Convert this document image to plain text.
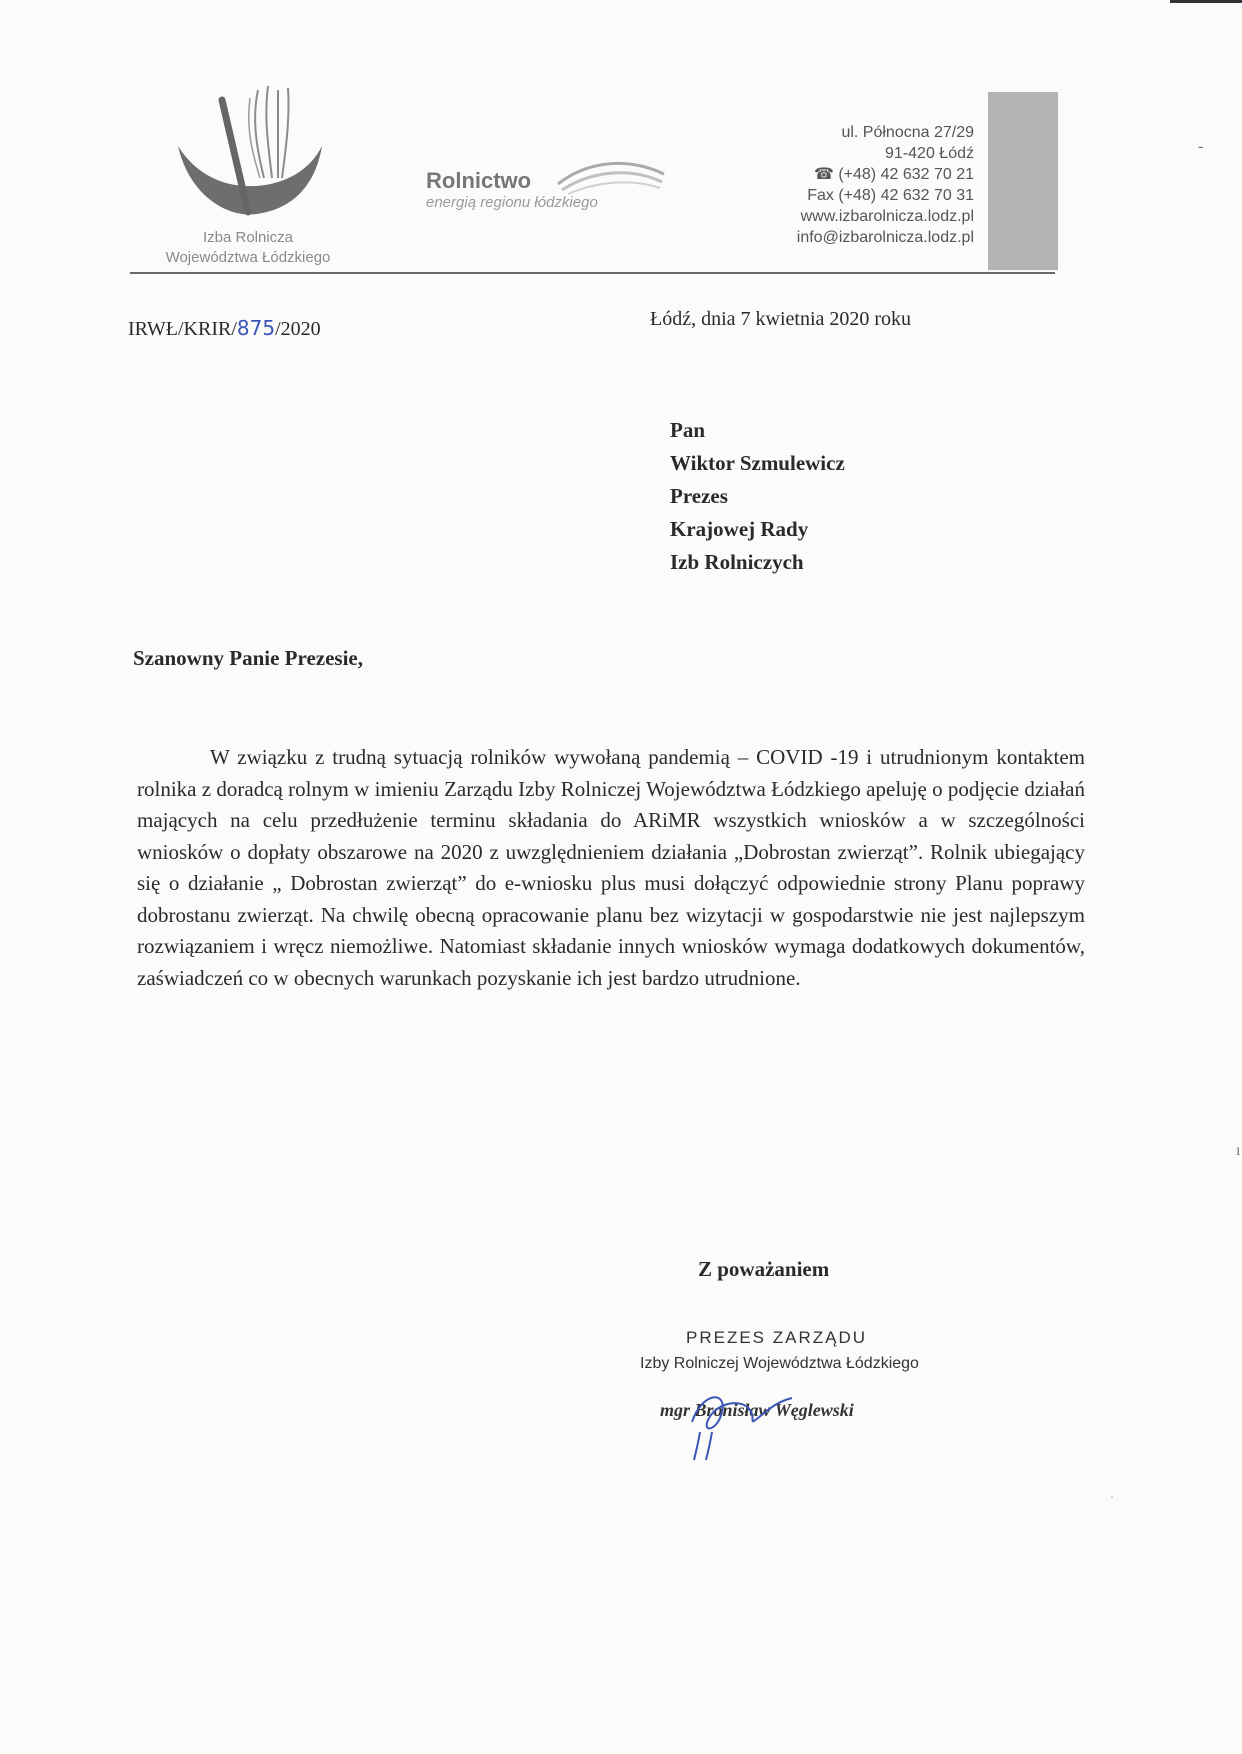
Izba Rolnicza
Województwa Łódzkiego
Rolnictwo
energią regionu łódzkiego
ul. Północna 27/29
91-420 Łódź
☎ (+48) 42 632 70 21
Fax (+48) 42 632 70 31
www.izbarolnicza.lodz.pl
info@izbarolnicza.lodz.pl
IRWŁ/KRIR/875/2020	Łódź, dnia 7 kwietnia 2020 roku
Pan
Wiktor Szmulewicz
Prezes
Krajowej Rady
Izb Rolniczych
Szanowny Panie Prezesie,
W związku z trudną sytuacją rolników wywołaną pandemią – COVID -19 i utrudnionym kontaktem rolnika z doradcą rolnym w imieniu Zarządu Izby Rolniczej Województwa Łódzkiego apeluję o podjęcie działań mających na celu przedłużenie terminu składania do ARiMR wszystkich wniosków a w szczególności wniosków o dopłaty obszarowe na 2020 z uwzględnieniem działania „Dobrostan zwierząt”. Rolnik ubiegający się o działanie „ Dobrostan zwierząt” do e-wniosku plus musi dołączyć odpowiednie strony Planu poprawy dobrostanu zwierząt. Na chwilę obecną opracowanie planu bez wizytacji w gospodarstwie nie jest najlepszym rozwiązaniem i wręcz niemożliwe. Natomiast składanie innych wniosków wymaga dodatkowych dokumentów, zaświadczeń co w obecnych warunkach pozyskanie ich jest bardzo utrudnione.
Z poważaniem
PREZES ZARZĄDU
Izby Rolniczej Województwa Łódzkiego
mgr Bronisław Węglewski
-
ı
·
